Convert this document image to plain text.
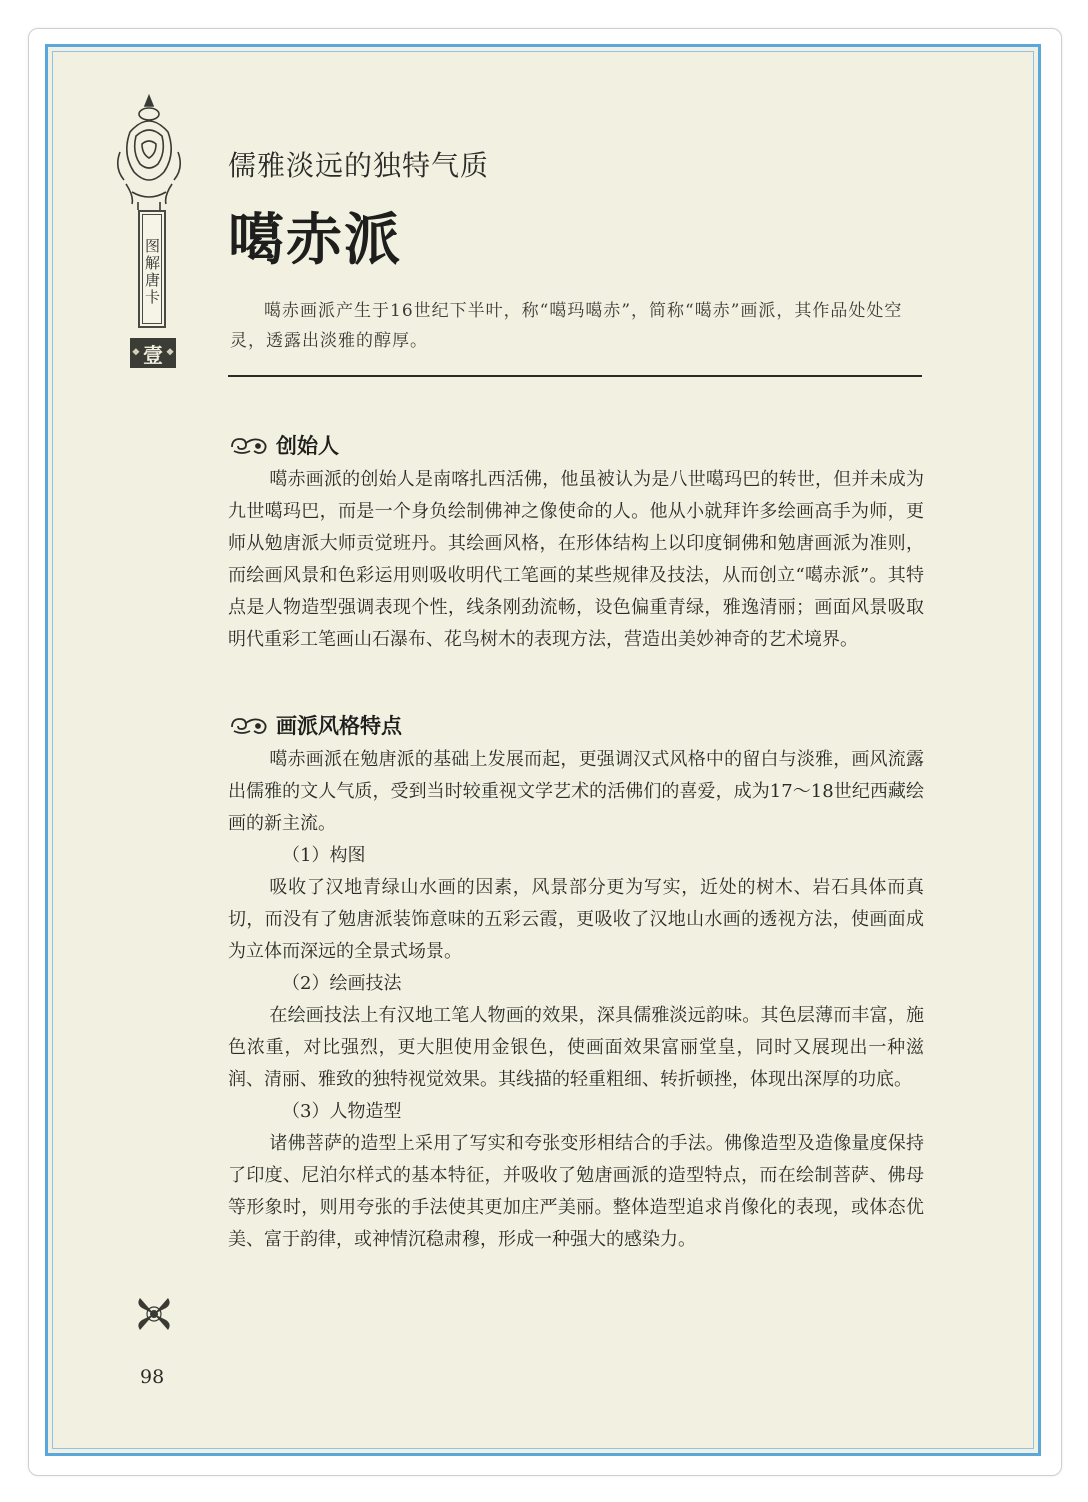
图解唐卡
❖ 壹
❖
儒雅淡远的独特气质
噶赤派

噶赤画派产生于16世纪下半叶，称“噶玛噶赤”，简称“噶赤”画派，其作品处处空灵，透露出淡雅的醇厚。

创始人
噶赤画派的创始人是南喀扎西活佛，他虽被认为是八世噶玛巴的转世，但并未成为九世噶玛巴，而是一个身负绘制佛神之像使命的人。他从小就拜许多绘画高手为师，更师从勉唐派大师贡觉班丹。其绘画风格，在形体结构上以印度铜佛和勉唐画派为准则，而绘画风景和色彩运用则吸收明代工笔画的某些规律及技法，从而创立“噶赤派”。其特点是人物造型强调表现个性，线条刚劲流畅，设色偏重青绿，雅逸清丽；画面风景吸取明代重彩工笔画山石瀑布、花鸟树木的表现方法，营造出美妙神奇的艺术境界。
画派风格特点
噶赤画派在勉唐派的基础上发展而起，更强调汉式风格中的留白与淡雅，画风流露出儒雅的文人气质，受到当时较重视文学艺术的活佛们的喜爱，成为17～18世纪西藏绘画的新主流。
（1）构图
吸收了汉地青绿山水画的因素，风景部分更为写实，近处的树木、岩石具体而真切，而没有了勉唐派装饰意味的五彩云霞，更吸收了汉地山水画的透视方法，使画面成为立体而深远的全景式场景。
（2）绘画技法
在绘画技法上有汉地工笔人物画的效果，深具儒雅淡远韵味。其色层薄而丰富，施色浓重，对比强烈，更大胆使用金银色，使画面效果富丽堂皇，同时又展现出一种滋润、清丽、雅致的独特视觉效果。其线描的轻重粗细、转折顿挫，体现出深厚的功底。
（3）人物造型
诸佛菩萨的造型上采用了写实和夸张变形相结合的手法。佛像造型及造像量度保持了印度、尼泊尔样式的基本特征，并吸收了勉唐画派的造型特点，而在绘制菩萨、佛母等形象时，则用夸张的手法使其更加庄严美丽。整体造型追求肖像化的表现，或体态优美、富于韵律，或神情沉稳肃穆，形成一种强大的感染力。
98
